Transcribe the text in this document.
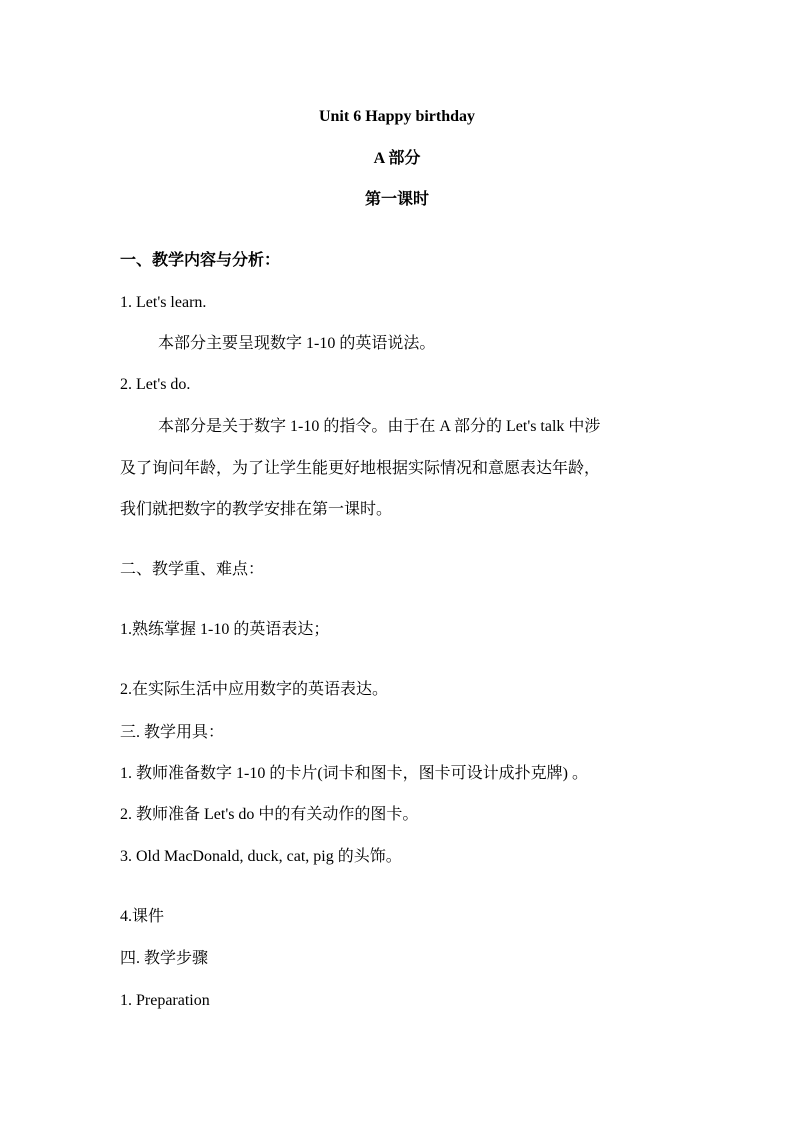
Unit 6 Happy birthday
A 部分
第一课时
一、教学内容与分析：
1. Let's learn.
本部分主要呈现数字 1-10 的英语说法。
2. Let's do.
本部分是关于数字 1-10 的指令。由于在 A 部分的 Let's talk 中涉
及了询问年龄，为了让学生能更好地根据实际情况和意愿表达年龄，
我们就把数字的教学安排在第一课时。
二、教学重、难点：
1.熟练掌握 1-10 的英语表达；
2.在实际生活中应用数字的英语表达。
三. 教学用具：
1. 教师准备数字 1-10 的卡片(词卡和图卡，图卡可设计成扑克牌) 。
2. 教师准备 Let's do 中的有关动作的图卡。
3. Old MacDonald, duck, cat, pig 的头饰。
4.课件
四. 教学步骤
1. Preparation
